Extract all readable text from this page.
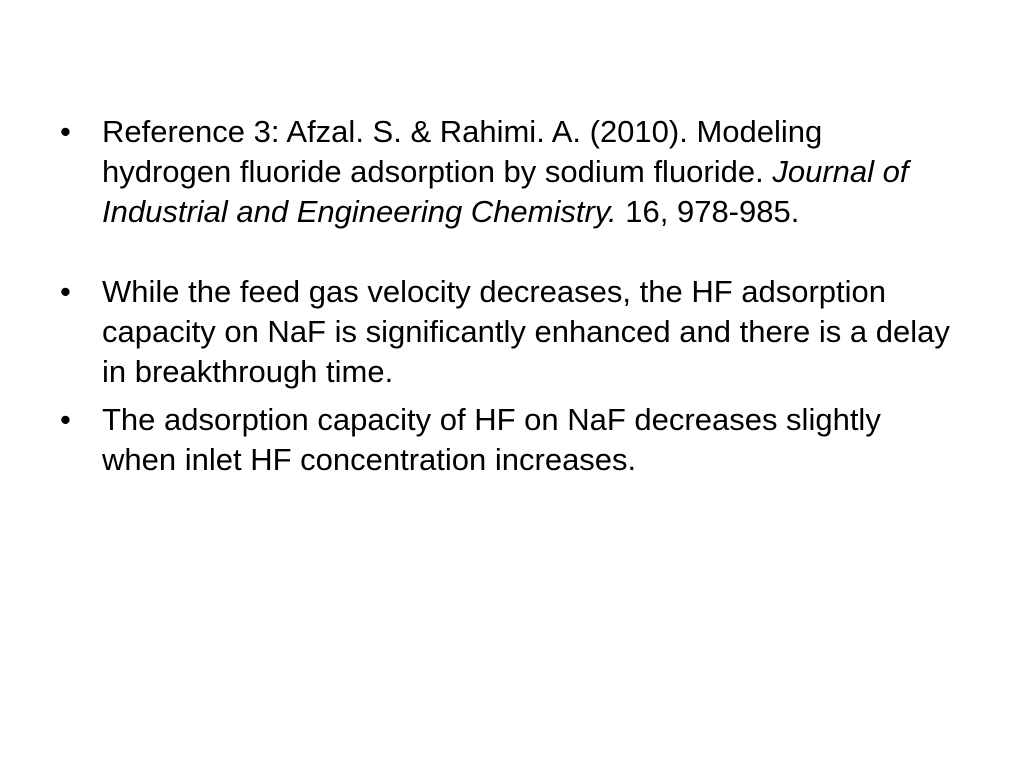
•	Reference 3: Afzal. S. & Rahimi. A. (2010). Modeling hydrogen fluoride adsorption by sodium fluoride. Journal of Industrial and Engineering Chemistry. 16, 978-985.
•	While the feed gas velocity decreases, the HF adsorption capacity on NaF is significantly enhanced and there is a delay in breakthrough time.
•	The adsorption capacity of HF on NaF decreases slightly when inlet HF concentration increases.
